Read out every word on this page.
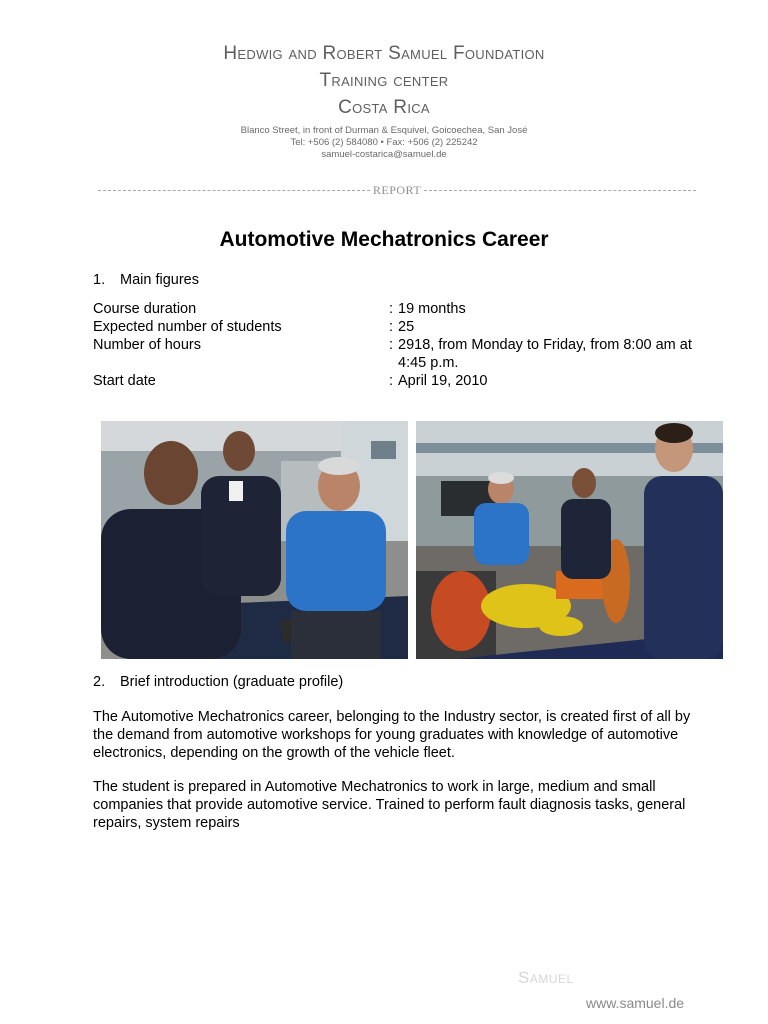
Hedwig and Robert Samuel Foundation
Training center
Costa Rica
Blanco Street, in front of Durman & Esquivel, Goicoechea, San José
Tel: +506 (2) 584080 • Fax: +506 (2) 225242
samuel-costarica@samuel.de
REPORT
Automotive Mechatronics Career
1. Main figures
Course duration	: 19 months
Expected number of students	: 25
Number of hours	: 2918, from Monday to Friday, from 8:00 am at 4:45 p.m.
Start date	: April 19, 2010
2. Brief introduction (graduate profile)
The Automotive Mechatronics career, belonging to the Industry sector, is created first of all by the demand from automotive workshops for young graduates with knowledge of automotive electronics, depending on the growth of the vehicle fleet.
The student is prepared in Automotive Mechatronics to work in large, medium and small companies that provide automotive service. Trained to perform fault diagnosis tasks, general repairs, system repairs
Samuel
www.samuel.de
